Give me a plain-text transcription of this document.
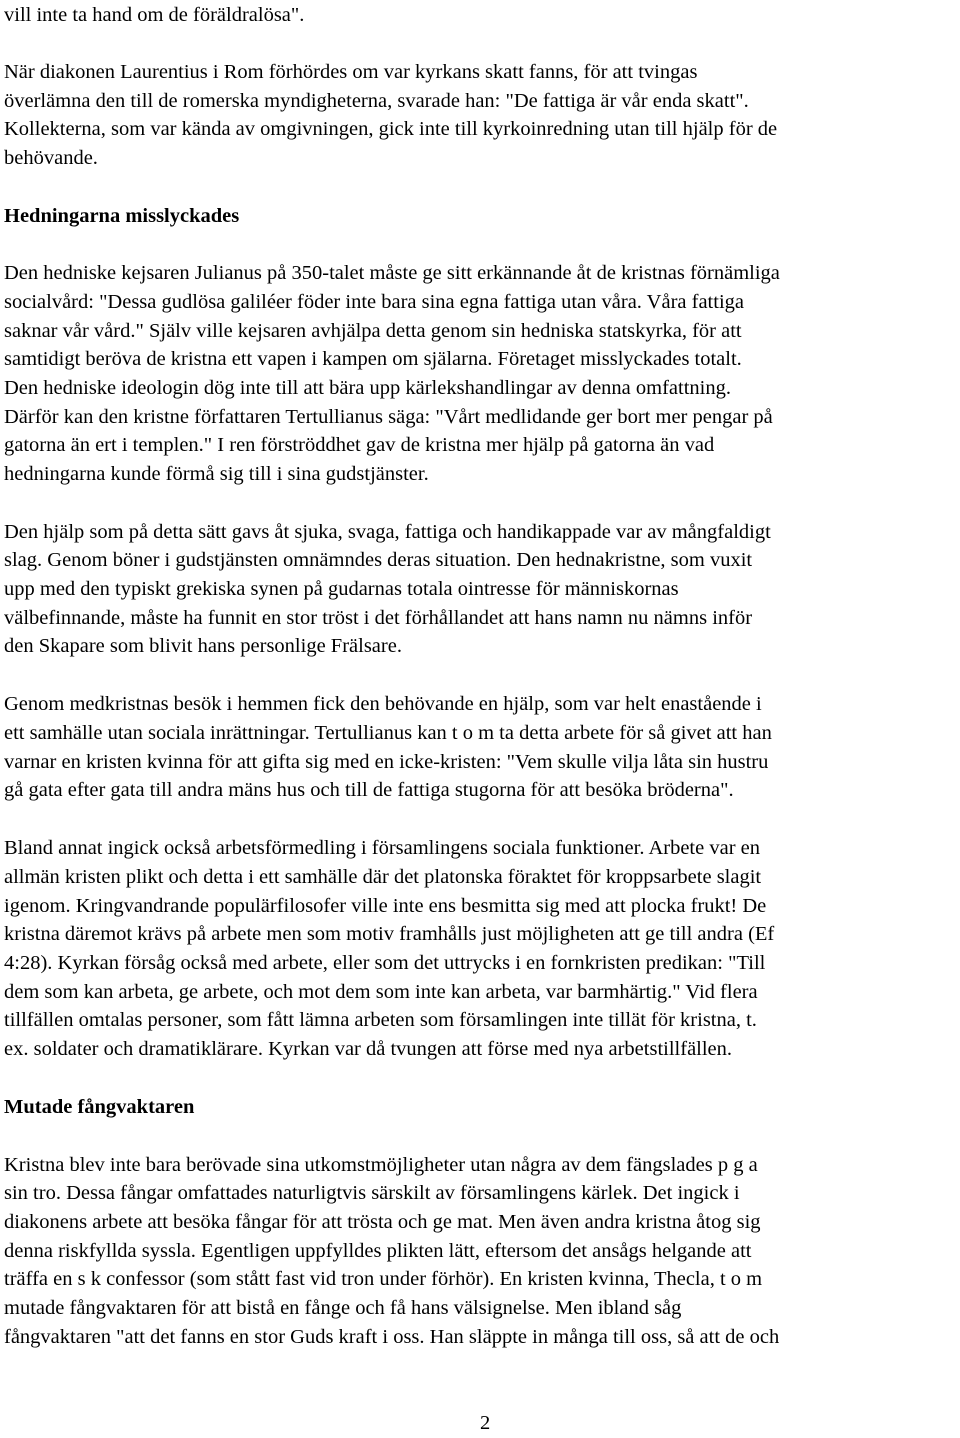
vill inte ta hand om de föräldralösa".
När diakonen Laurentius i Rom förhördes om var kyrkans skatt fanns, för att tvingas
överlämna den till de romerska myndigheterna, svarade han: "De fattiga är vår enda skatt".
Kollekterna, som var kända av omgivningen, gick inte till kyrkoinredning utan till hjälp för de
behövande.
Hedningarna misslyckades
Den hedniske kejsaren Julianus på 350-talet måste ge sitt erkännande åt de kristnas förnämliga
socialvård: "Dessa gudlösa galiléer föder inte bara sina egna fattiga utan våra. Våra fattiga
saknar vår vård." Själv ville kejsaren avhjälpa detta genom sin hedniska statskyrka, för att
samtidigt beröva de kristna ett vapen i kampen om själarna. Företaget misslyckades totalt.
Den hedniske ideologin dög inte till att bära upp kärlekshandlingar av denna omfattning.
Därför kan den kristne författaren Tertullianus säga: "Vårt medlidande ger bort mer pengar på
gatorna än ert i templen." I ren förströddhet gav de kristna mer hjälp på gatorna än vad
hedningarna kunde förmå sig till i sina gudstjänster.
Den hjälp som på detta sätt gavs åt sjuka, svaga, fattiga och handikappade var av mångfaldigt
slag. Genom böner i gudstjänsten omnämndes deras situation. Den hednakristne, som vuxit
upp med den typiskt grekiska synen på gudarnas totala ointresse för människornas
välbefinnande, måste ha funnit en stor tröst i det förhållandet att hans namn nu nämns inför
den Skapare som blivit hans personlige Frälsare.
Genom medkristnas besök i hemmen fick den behövande en hjälp, som var helt enastående i
ett samhälle utan sociala inrättningar. Tertullianus kan t o m ta detta arbete för så givet att han
varnar en kristen kvinna för att gifta sig med en icke-kristen: "Vem skulle vilja låta sin hustru
gå gata efter gata till andra mäns hus och till de fattiga stugorna för att besöka bröderna".
Bland annat ingick också arbetsförmedling i församlingens sociala funktioner. Arbete var en
allmän kristen plikt och detta i ett samhälle där det platonska föraktet för kroppsarbete slagit
igenom. Kringvandrande populärfilosofer ville inte ens besmitta sig med att plocka frukt! De
kristna däremot krävs på arbete men som motiv framhålls just möjligheten att ge till andra (Ef
4:28). Kyrkan försåg också med arbete, eller som det uttrycks i en fornkristen predikan: "Till
dem som kan arbeta, ge arbete, och mot dem som inte kan arbeta, var barmhärtig." Vid flera
tillfällen omtalas personer, som fått lämna arbeten som församlingen inte tillät för kristna, t.
ex. soldater och dramatiklärare. Kyrkan var då tvungen att förse med nya arbetstillfällen.
Mutade fångvaktaren
Kristna blev inte bara berövade sina utkomstmöjligheter utan några av dem fängslades p g a
sin tro. Dessa fångar omfattades naturligtvis särskilt av församlingens kärlek. Det ingick i
diakonens arbete att besöka fångar för att trösta och ge mat. Men även andra kristna åtog sig
denna riskfyllda syssla. Egentligen uppfylldes plikten lätt, eftersom det ansågs helgande att
träffa en s k confessor (som stått fast vid tron under förhör). En kristen kvinna, Thecla, t o m
mutade fångvaktaren för att bistå en fånge och få hans välsignelse. Men ibland såg
fångvaktaren "att det fanns en stor Guds kraft i oss. Han släppte in många till oss, så att de och
2
